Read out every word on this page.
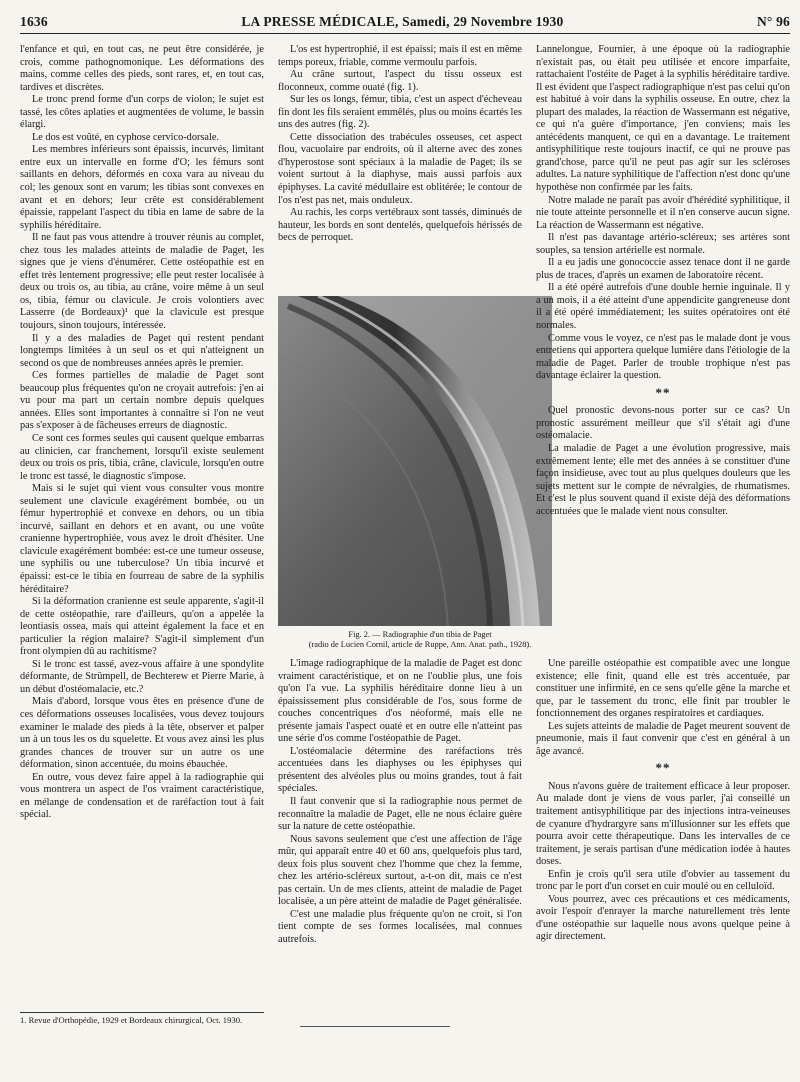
1636	LA PRESSE MÉDICALE, Samedi, 29 Novembre 1930	N° 96

l'enfance et qui, en tout cas, ne peut être considérée, je crois, comme pathognomonique. Les déformations des mains, comme celles des pieds, sont rares, et, en tout cas, tardives et discrètes.

Le tronc prend forme d'un corps de violon; le sujet est tassé, les côtes aplaties et augmentées de volume, le bassin élargi.

Le dos est voûté, en cyphose cervico-dorsale.

Les membres inférieurs sont épaissis, incurvés, limitant entre eux un intervalle en forme d'O; les fémurs sont saillants en dehors, déformés en coxa vara au niveau du col; les genoux sont en varum; les tibias sont convexes en avant et en dehors; leur crête est considérablement épaissie, rappelant l'aspect du tibia en lame de sabre de la syphilis héréditaire.

Il ne faut pas vous attendre à trouver réunis au complet, chez tous les malades atteints de maladie de Paget, les signes que je viens d'énumérer. Cette ostéopathie est en effet très lentement progressive; elle peut rester localisée à deux ou trois os, au tibia, au crâne, voire même à un seul os, tibia, fémur ou clavicule. Je crois volontiers avec Lasserre (de Bordeaux)¹ que la clavicule est presque toujours, sinon toujours, intéressée.

Il y a des maladies de Paget qui restent pendant longtemps limitées à un seul os et qui n'atteignent un second os que de nombreuses années après le premier.

Ces formes partielles de maladie de Paget sont beaucoup plus fréquentes qu'on ne croyait autrefois: j'en ai vu pour ma part un certain nombre depuis quelques années. Elles sont importantes à connaître si l'on ne veut pas s'exposer à de fâcheuses erreurs de diagnostic.

Ce sont ces formes seules qui causent quelque embarras au clinicien, car franchement, lorsqu'il existe seulement deux ou trois os pris, tibia, crâne, clavicule, lorsqu'en outre le tronc est tassé, le diagnostic s'impose.

Mais si le sujet qui vient vous consulter vous montre seulement une clavicule exagérément bombée, ou un fémur hypertrophié et convexe en dehors, ou un tibia incurvé, saillant en dehors et en avant, ou une voûte cranienne hypertrophiée, vous avez le droit d'hésiter. Une clavicule exagérément bombée: est-ce une tumeur osseuse, une syphilis ou une tuberculose? Un tibia incurvé et épaissi: est-ce le tibia en fourreau de sabre de la syphilis héréditaire?

Si la déformation cranienne est seule apparente, s'agit-il de cette ostéopathie, rare d'ailleurs, qu'on a appelée la leontiasis ossea, mais qui atteint également la face et en particulier la région malaire? S'agit-il simplement d'un front olympien dû au rachitisme?

Si le tronc est tassé, avez-vous affaire à une spondylite déformante, de Strümpell, de Bechterew et Pierre Marie, à un début d'ostéomalacie, etc.?

Mais d'abord, lorsque vous êtes en présence d'une de ces déformations osseuses localisées, vous devez toujours examiner le malade des pieds à la tête, observer et palper un à un tous les os du squelette. Et vous avez ainsi les plus grandes chances de trouver sur un autre os une déformation, sinon accentuée, du moins ébauchée.

En outre, vous devez faire appel à la radiographie qui vous montrera un aspect de l'os vraiment caractéristique, en mélange de condensation et de raréfaction tout à fait spécial.

1. Revue d'Orthopédie, 1929 et Bordeaux chirurgical, Oct. 1930.

L'os est hypertrophié, il est épaissi; mais il est en même temps poreux, friable, comme vermoulu parfois.

Au crâne surtout, l'aspect du tissu osseux est floconneux, comme ouaté (fig. 1).

Sur les os longs, fémur, tibia, c'est un aspect d'écheveau fin dont les fils seraient emmêlés, plus ou moins écartés les uns des autres (fig. 2).

Cette dissociation des trabécules osseuses, cet aspect flou, vacuolaire par endroits, où il alterne avec des zones d'hyperostose sont spéciaux à la maladie de Paget; ils se voient surtout à la diaphyse, mais aussi parfois aux épiphyses. La cavité médullaire est oblitérée; le contour de l'os n'est pas net, mais onduleux.

Au rachis, les corps vertébraux sont tassés, diminués de hauteur, les bords en sont dentelés, quelquefois hérissés de becs de perroquet.

Fig. 2. — Radiographie d'un tibia de Paget
(radio de Lucien Cornil, article de Ruppe, Ann. Anat. path., 1928).

L'image radiographique de la maladie de Paget est donc vraiment caractéristique, et on ne l'oublie plus, une fois qu'on l'a vue. La syphilis héréditaire donne lieu à un épaississement plus considérable de l'os, sous forme de couches concentriques d'os néoformé, mais elle ne présente jamais l'aspect ouaté et en outre elle n'atteint pas une série d'os comme l'ostéopathie de Paget.

L'ostéomalacie détermine des raréfactions très accentuées dans les diaphyses ou les épiphyses qui présentent des alvéoles plus ou moins grandes, tout à fait spéciales.

Il faut convenir que si la radiographie nous permet de reconnaître la maladie de Paget, elle ne nous éclaire guère sur la nature de cette ostéopathie.

Nous savons seulement que c'est une affection de l'âge mûr, qui apparaît entre 40 et 60 ans, quelquefois plus tard, deux fois plus souvent chez l'homme que chez la femme, chez les artério-scléreux surtout, a-t-on dit, mais ce n'est pas certain. Un de mes clients, atteint de maladie de Paget localisée, a un père atteint de maladie de Paget généralisée.

C'est une maladie plus fréquente qu'on ne croit, si l'on tient compte de ses formes localisées, mal connues autrefois.

Lannelongue, Fournier, à une époque où la radiographie n'existait pas, ou était peu utilisée et encore imparfaite, rattachaient l'ostéite de Paget à la syphilis héréditaire tardive. Il est évident que l'aspect radiographique n'est pas celui qu'on est habitué à voir dans la syphilis osseuse. En outre, chez la plupart des malades, la réaction de Wassermann est négative, ce qui n'a guère d'importance, j'en conviens; mais les antécédents manquent, ce qui en a davantage. Le traitement antisyphilitique reste toujours inactif, ce qui ne prouve pas grand'chose, parce qu'il ne peut pas agir sur les scléroses adultes. La nature syphilitique de l'affection n'est donc qu'une hypothèse non confirmée par les faits.

Notre malade ne paraît pas avoir d'hérédité syphilitique, il nie toute atteinte personnelle et il n'en conserve aucun signe. La réaction de Wassermann est négative.

Il n'est pas davantage artério-scléreux; ses artères sont souples, sa tension artérielle est normale.

Il a eu jadis une gonococcie assez tenace dont il ne garde plus de traces, d'après un examen de laboratoire récent.

Il a été opéré autrefois d'une double hernie inguinale. Il y a un mois, il a été atteint d'une appendicite gangreneuse dont il a été opéré immédiatement; les suites opératoires ont été normales.

Comme vous le voyez, ce n'est pas le malade dont je vous entretiens qui apportera quelque lumière dans l'étiologie de la maladie de Paget. Parler de trouble trophique n'est pas davantage éclairer la question.

**

Quel pronostic devons-nous porter sur ce cas? Un pronostic assurément meilleur que s'il s'était agi d'une ostéomalacie.

La maladie de Paget a une évolution progressive, mais extrêmement lente; elle met des années à se constituer d'une façon insidieuse, avec tout au plus quelques douleurs que les sujets mettent sur le compte de névralgies, de rhumatismes. Et c'est le plus souvent quand il existe déjà des déformations accentuées que le malade vient nous consulter.

Une pareille ostéopathie est compatible avec une longue existence; elle finit, quand elle est très accentuée, par constituer une infirmité, en ce sens qu'elle gêne la marche et que, par le tassement du tronc, elle finit par troubler le fonctionnement des organes respiratoires et cardiaques.

Les sujets atteints de maladie de Paget meurent souvent de pneumonie, mais il faut convenir que c'est en général à un âge avancé.

**

Nous n'avons guère de traitement efficace à leur proposer. Au malade dont je viens de vous parler, j'ai conseillé un traitement antisyphilitique par des injections intra-veineuses de cyanure d'hydrargyre sans m'illusionner sur les effets que pourra avoir cette thérapeutique. Dans les intervalles de ce traitement, je serais partisan d'une médication iodée à hautes doses.

Enfin je crois qu'il sera utile d'obvier au tassement du tronc par le port d'un corset en cuir moulé ou en celluloïd.

Vous pourrez, avec ces précautions et ces médicaments, avoir l'espoir d'enrayer la marche naturellement très lente d'une ostéopathie sur laquelle nous avons quelque peine à agir directement.
